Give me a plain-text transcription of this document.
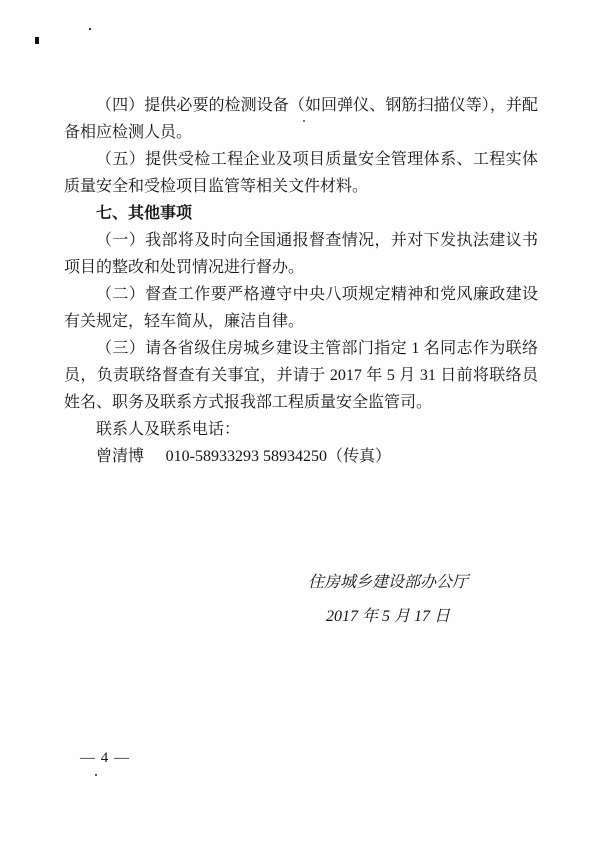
（四）提供必要的检测设备（如回弹仪、钢筋扫描仪等），并配备相应检测人员。

（五）提供受检工程企业及项目质量安全管理体系、工程实体质量安全和受检项目监管等相关文件材料。

七、其他事项

（一）我部将及时向全国通报督查情况，并对下发执法建议书项目的整改和处罚情况进行督办。

（二）督查工作要严格遵守中央八项规定精神和党风廉政建设有关规定，轻车简从，廉洁自律。

（三）请各省级住房城乡建设主管部门指定 1 名同志作为联络员，负责联络督查有关事宜，并请于 2017 年 5 月 31 日前将联络员姓名、职务及联系方式报我部工程质量安全监管司。

联系人及联系电话：

曾清博 010-58933293 58934250（传真）

住房城乡建设部办公厅
2017 年 5 月 17 日
— 4 —
